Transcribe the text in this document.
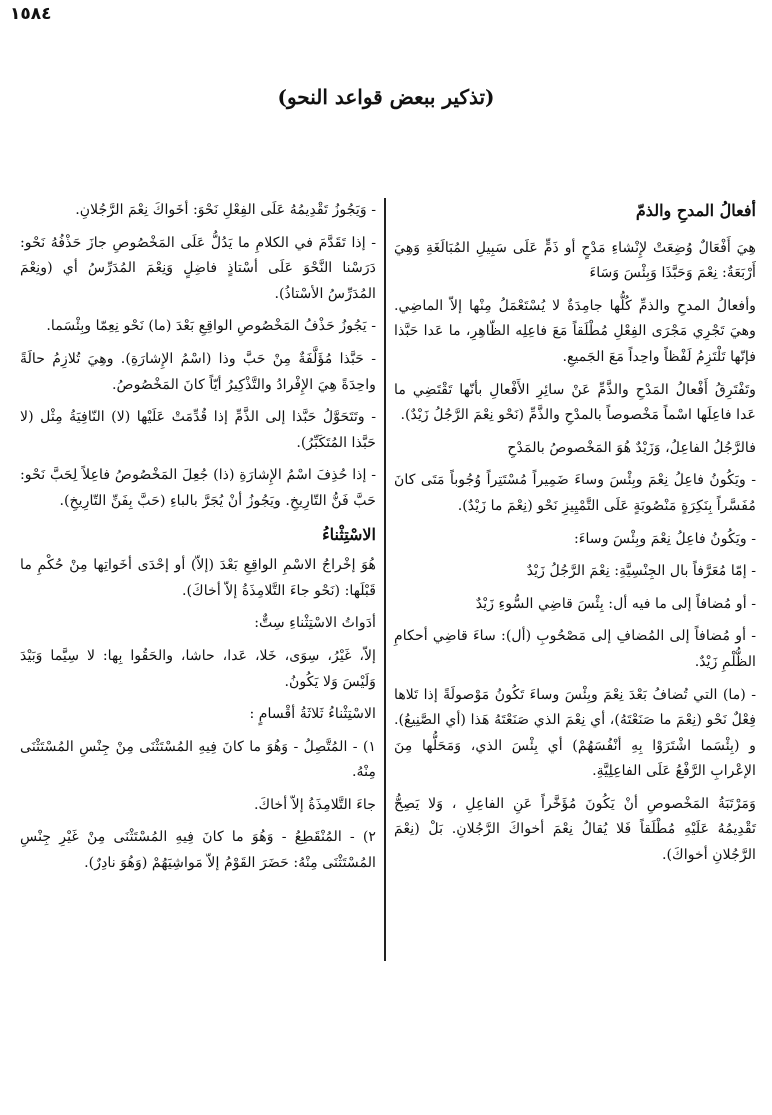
١٥٨٤
(تذكير ببعض قواعد النحو)
أفعالُ المدحِ والذمّ

هِيَ أَفْعَالٌ وُضِعَتْ لإِنْشاءِ مَدْحٍ أو ذَمٍّ عَلَى سَبِيلِ المُبَالَغَةِ وَهِيَ أَرْبَعَةٌ: نِعْمَ وَحَبَّذَا وَبِئْسَ وَسَاءَ

وأفعالُ المدحِ والذمِّ كُلُّها جامِدَةٌ لا يُسْتَعْمَلُ مِنْها إلاّ الماضِي. وهيَ تَجْرِي مَجْرَى الفِعْلِ مُطْلَقاً مَعَ فاعِلِه الظّاهِرِ، ما عَدا حَبَّذا فإنّها تَلْتَزِمُ لَفْظاً واحِداً مَعَ الجَميعِ.

وتَفْتَرِقُ أَفْعالُ المَدْحِ والذَّمِّ عَنْ سائِرِ الأَفْعالِ بأنّها تَقْتَضِي ما عَدا فاعِلَها اسْماً مَخْصوصاً بالمدْحِ والذَّمِّ (نَحْو نِعْمَ الرَّجُلُ زَيْدٌ).

فالرَّجُلُ الفاعِلُ، وَزَيْدٌ هُوَ المَخْصوصُ بالمَدْحِ

- ويَكُونُ فاعِلُ نِعْمَ وبِئْسَ وساءَ ضَمِيراً مُسْتَتِراً وُجُوباً مَتَى كانَ مُفَسَّراً بِنَكِرَةٍ مَنْصُوبَةٍ عَلَى التَّمْيِيزِ نَحْو (نِعْمَ ما زَيْدٌ).

- ويَكُونُ فاعِلُ نِعْمَ وبِئْسَ وساءَ:

- إمّا مُعَرَّفاً بال الجِنْسِيَّةِ: نِعْمَ الرَّجُلُ زَيْدٌ

- أو مُضافاً إلى ما فيه أل: بِئْسَ قاضِي السُّوءِ زَيْدٌ

- أو مُضافاً إلى المُضافِ إلى مَصْحُوبِ (أل): ساءَ قاضِي أحكامِ الظُّلْمِ زَيْدٌ.

- (ما) التي تُضافُ بَعْدَ نِعْمَ وبِئْسَ وساءَ تَكُونُ مَوْصولَةً إذا تَلاها فِعْلٌ نَحْو (نِعْمَ ما صَنَعْتَهُ)، أي نِعْمَ الذي صَنَعْتَهُ هَذا (أي الصَّنِيعُ). و (بِئْسَما اشْتَرَوْا بِهِ أنْفُسَهُمْ) أي بِئْسَ الذي، وَمَحَلُّها مِنَ الإعْرابِ الرَّفْعُ عَلَى الفاعِلِيَّةِ.

وَمَرْتَبَةُ المَخْصوصِ أنْ يَكُونَ مُؤَخَّراً عَنِ الفاعِلِ ، وَلا يَصِحُّ تَقْدِيمُهُ عَلَيْهِ مُطْلَقاً فَلا يُقالُ نِعْمَ أخواكَ الرَّجُلانِ. بَلْ (نِعْمَ الرَّجُلانِ أخواكَ).

- وَيَجُوزُ تَقْدِيمُهُ عَلَى الفِعْلِ نَحْوَ: أخَواكَ نِعْمَ الرَّجُلانِ.

- إذا تَقَدَّمَ في الكلامِ ما يَدُلُّ عَلَى المَخْصُوصِ جازَ حَذْفُهُ نَحْو: دَرَسْنا النَّحْوَ عَلَى أسْتاذٍ فاضِلٍ وَنِعْمَ المُدَرِّسُ أي (ونِعْمَ المُدَرِّسُ الأسْتاذُ).

- يَجُوزُ حَذْفُ المَخْصُوصِ الواقِعِ بَعْدَ (ما) نَحْو نِعِمّا وبِئْسَما.

- حَبَّذا مُؤَلَّفَةٌ مِنْ حَبَّ وذا (اسْمُ الإِشارَةِ). وهِيَ تُلازِمُ حالَةً واحِدَةً هِيَ الإِفْرادُ والتَّذْكِيرُ أيّاً كانَ المَخْصُوصُ.

- وتَتَحَوَّلُ حَبَّذا إلى الذَّمِّ إذا قُدِّمَتْ عَلَيْها (لا) النّافِيَةُ مِثْل (لا حَبَّذا المُتَكَبِّرُ).

- إذا حُذِفَ اسْمُ الإِشارَةِ (ذا) جُعِلَ المَخْصُوصُ فاعِلاً لِحَبَّ نَحْو: حَبَّ فَنُّ التّارِيخِ. ويَجُوزُ أنْ يُجَرَّ بالباءِ (حَبَّ بِفَنِّ التّارِيخِ).

الاسْتِثْناءُ

هُوَ إخْراجُ الاسْمِ الواقِعِ بَعْدَ (إلاّ) أو إحْدَى أخَواتِها مِنْ حُكْمِ ما قَبْلَها: (نَحْو جاءَ التَّلامِذَةُ إلاّ أخاكَ).

أدَواتُ الاسْتِثْناءِ سِتٌّ:

إلاّ، غَيْرُ، سِوَى، خَلا، عَدا، حاشا، والحَقُوا بِها: لا سِيَّما وَبَيْدَ وَلَيْسَ وَلا يَكُونُ.

الاسْتِثْناءُ ثَلاثَةُ أقْسامٍ :

١) - المُتَّصِلُ - وَهُوَ ما كانَ فِيهِ المُسْتَثْنَى مِنْ جِنْسِ المُسْتَثْنَى مِنْهُ.

جاءَ التَّلامِذَةُ إلاّ أخاكَ.

٢) - المُنْقَطِعُ - وَهُوَ ما كانَ فِيهِ المُسْتَثْنَى مِنْ غَيْرِ جِنْسِ المُسْتَثْنَى مِنْهُ: حَضَرَ القَوْمُ إلاّ مَواشِيَهُمْ (وَهُوَ نادِرٌ).
